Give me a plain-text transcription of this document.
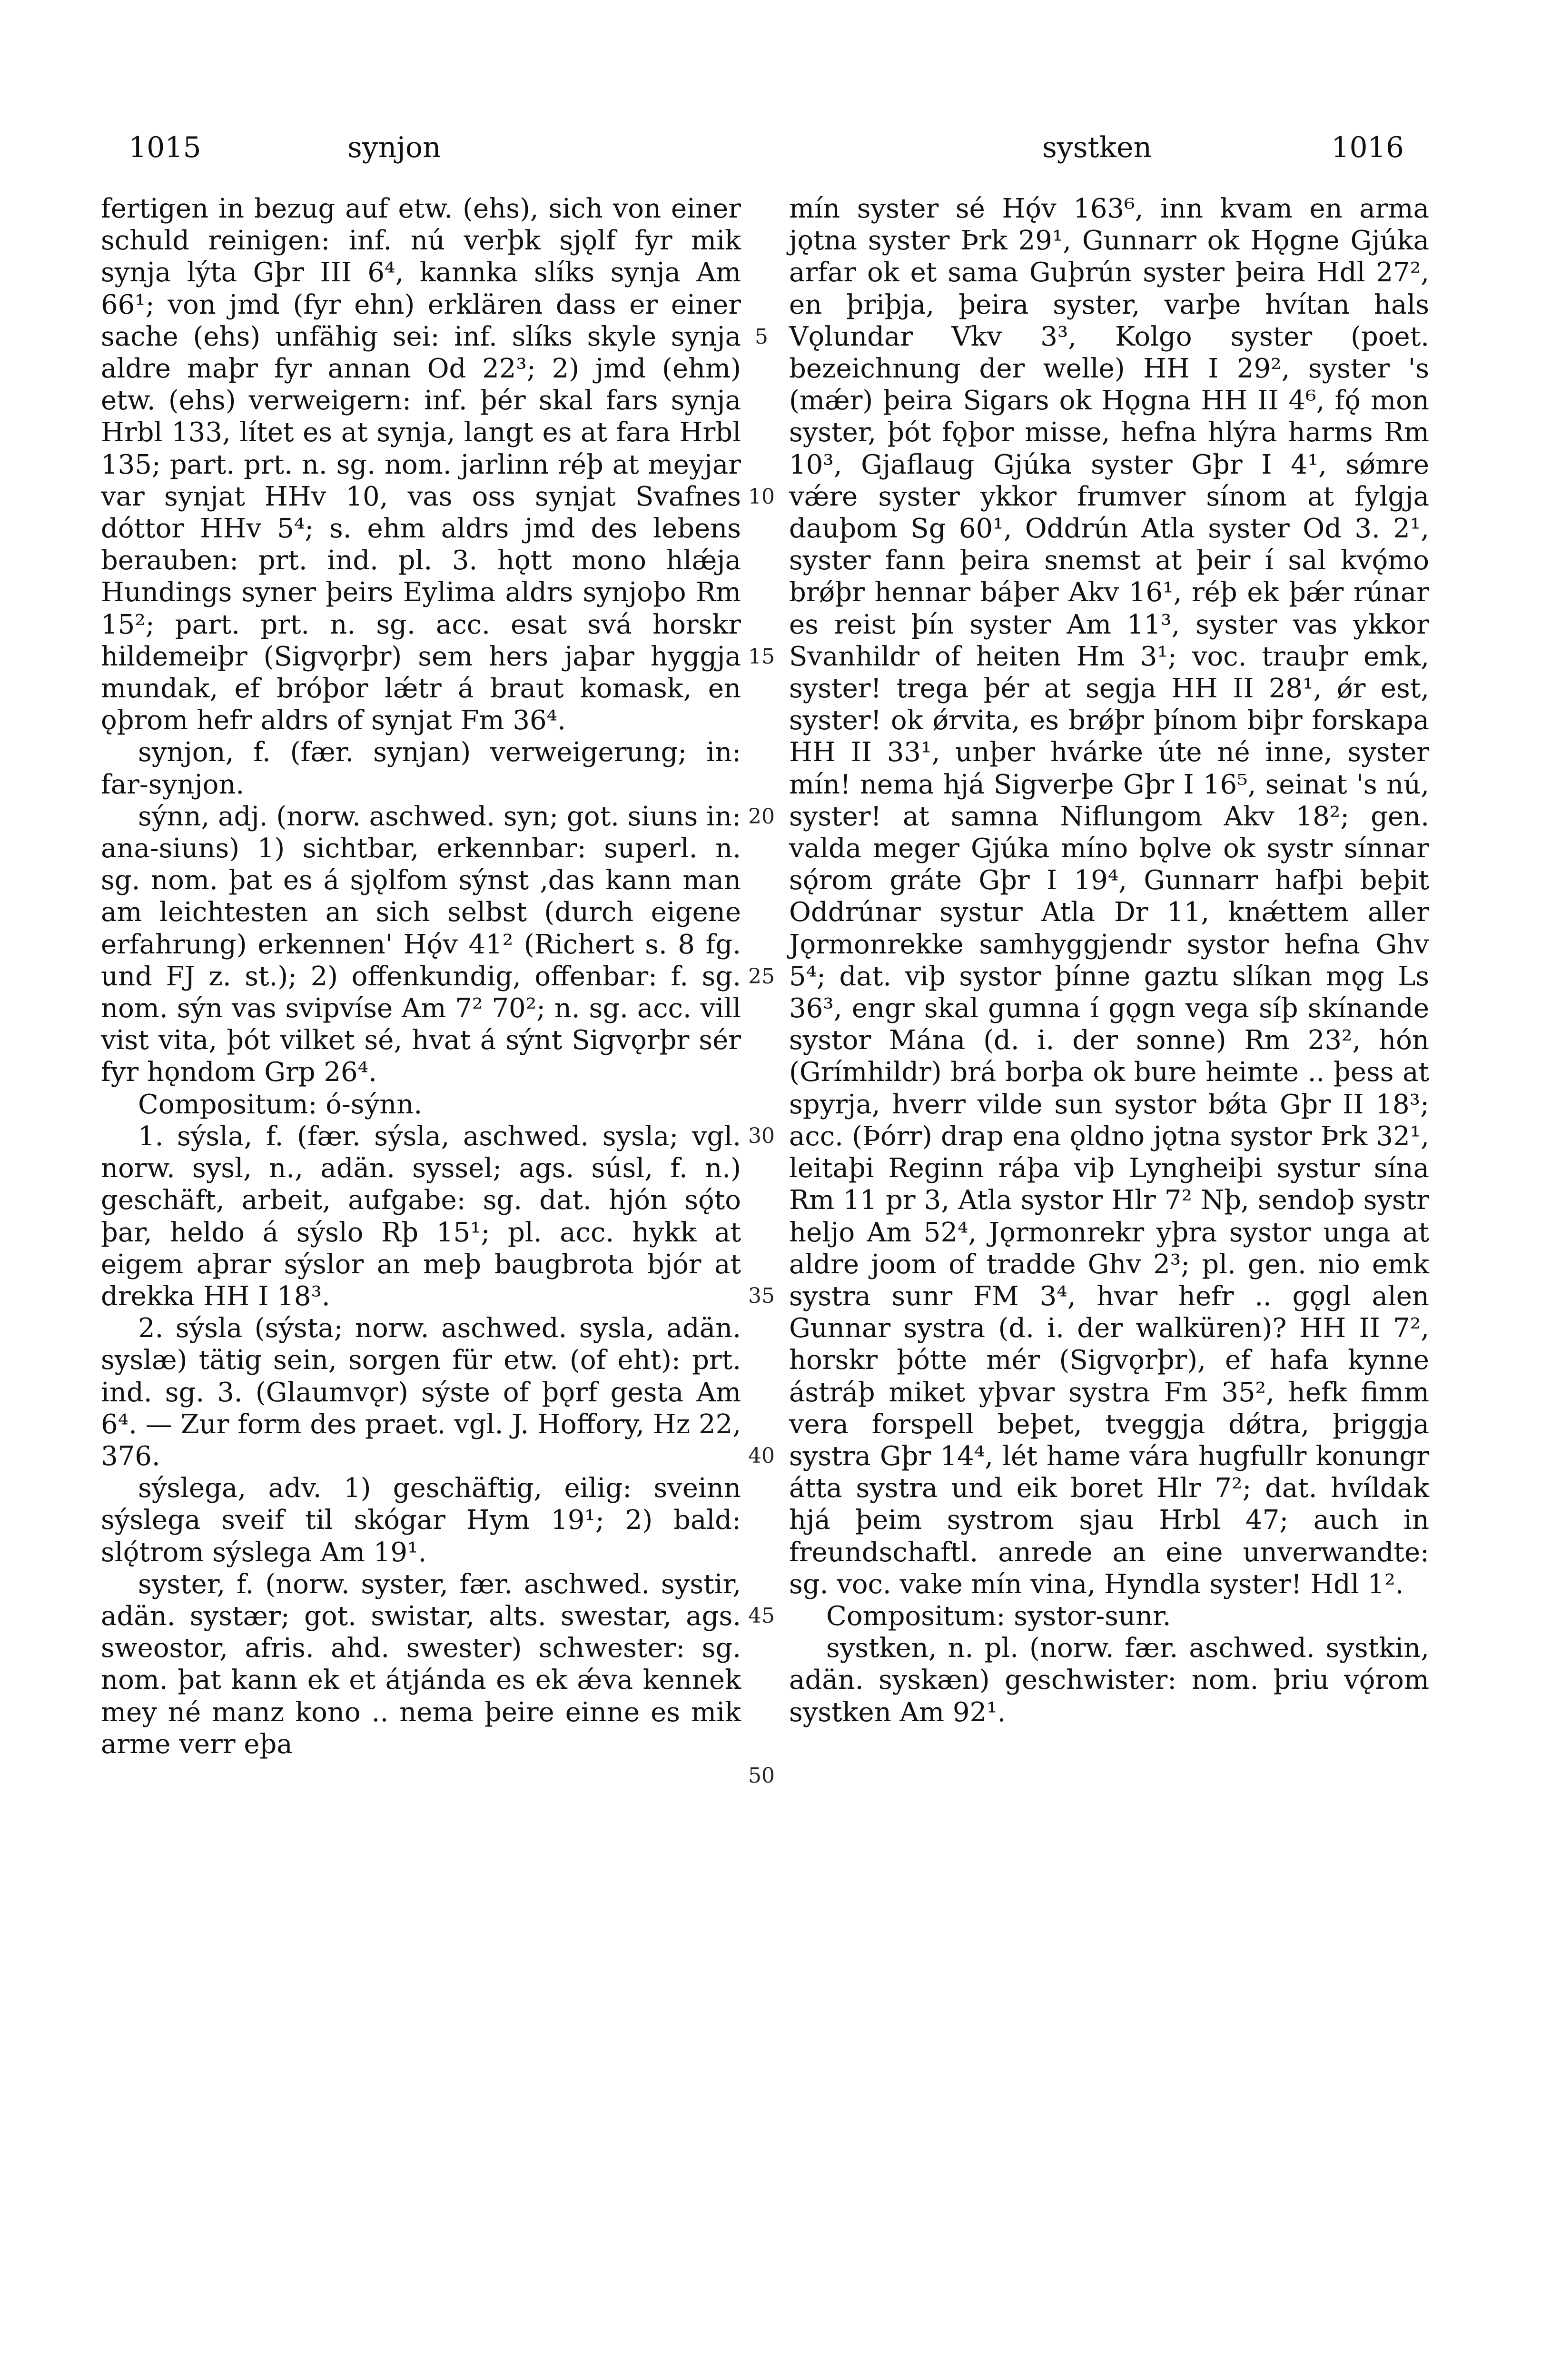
1015	synjon	systken	1016

fertigen in bezug auf etw. (ehs), sich von einer schuld reinigen: inf. nú verþk sjǫlf fyr mik synja lýta Gþr III 6⁴, kannka slíks synja Am 66¹; von jmd (fyr ehn) erklären dass er einer sache (ehs) unfähig sei: inf. slíks skyle synja aldre maþr fyr annan Od 22³; 2) jmd (ehm) etw. (ehs) verweigern: inf. þér skal fars synja Hrbl 133, lítet es at synja, langt es at fara Hrbl 135; part. prt. n. sg. nom. jarlinn réþ at meyjar var synjat HHv 10, vas oss synjat Svafnes dóttor HHv 5⁴; s. ehm aldrs jmd des lebens berauben: prt. ind. pl. 3. hǫtt mono hlǽja Hundings syner þeirs Eylima aldrs synjoþo Rm 15²; part. prt. n. sg. acc. esat svá horskr hildemeiþr (Sigvǫrþr) sem hers jaþar hyggja mundak, ef bróþor lǽtr á braut komask, en ǫþrom hefr aldrs of synjat Fm 36⁴.

synjon, f. (fær. synjan) verweigerung; in: far-synjon.

sýnn, adj. (norw. aschwed. syn; got. siuns in: ana-siuns) 1) sichtbar, erkennbar: superl. n. sg. nom. þat es á sjǫlfom sýnst ‚das kann man am leichtesten an sich selbst (durch eigene erfahrung) erkennen' Hǫ́v 41² (Richert s. 8 fg. und FJ z. st.); 2) offenkundig, offenbar: f. sg. nom. sýn vas svipvíse Am 7² 70²; n. sg. acc. vill vist vita, þót vilket sé, hvat á sýnt Sigvǫrþr sér fyr hǫndom Grp 26⁴.

Compositum: ó-sýnn.

1. sýsla, f. (fær. sýsla, aschwed. sysla; vgl. norw. sysl, n., adän. syssel; ags. súsl, f. n.) geschäft, arbeit, aufgabe: sg. dat. hjón sǫ́to þar, heldo á sýslo Rþ 15¹; pl. acc. hykk at eigem aþrar sýslor an meþ baugbrota bjór at drekka HH I 18³.

2. sýsla (sýsta; norw. aschwed. sysla, adän. syslæ) tätig sein, sorgen für etw. (of eht): prt. ind. sg. 3. (Glaumvǫr) sýste of þǫrf gesta Am 6⁴. — Zur form des praet. vgl. J. Hoffory, Hz 22, 376.

sýslega, adv. 1) geschäftig, eilig: sveinn sýslega sveif til skógar Hym 19¹; 2) bald: slǫ́trom sýslega Am 19¹.

syster, f. (norw. syster, fær. aschwed. systir, adän. systær; got. swistar, alts. swestar, ags. sweostor, afris. ahd. swester) schwester: sg. nom. þat kann ek et átjánda es ek ǽva kennek mey né manz kono .. nema þeire einne es mik arme verr eþa

5
10
15
20
25
30
35
40
45
50

mín syster sé Hǫ́v 163⁶, inn kvam en arma jǫtna syster Þrk 29¹, Gunnarr ok Hǫgne Gjúka arfar ok et sama Guþrún syster þeira Hdl 27², en þriþja, þeira syster, varþe hvítan hals Vǫlundar Vkv 3³, Kolgo syster (poet. bezeichnung der welle) HH I 29², syster 's (mǽr) þeira Sigars ok Hǫgna HH II 4⁶, fǫ́ mon syster, þót fǫþor misse, hefna hlýra harms Rm 10³, Gjaflaug Gjúka syster Gþr I 4¹, sǿmre vǽre syster ykkor frumver sínom at fylgja dauþom Sg 60¹, Oddrún Atla syster Od 3. 2¹, syster fann þeira snemst at þeir í sal kvǫ́mo brǿþr hennar báþer Akv 16¹, réþ ek þǽr rúnar es reist þín syster Am 11³, syster vas ykkor Svanhildr of heiten Hm 3¹; voc. trauþr emk, syster! trega þér at segja HH II 28¹, ǿr est, syster! ok ǿrvita, es brǿþr þínom biþr forskapa HH II 33¹, unþer hvárke úte né inne, syster mín! nema hjá Sigverþe Gþr I 16⁵, seinat 's nú, syster! at samna Niflungom Akv 18²; gen. valda meger Gjúka míno bǫlve ok systr sínnar sǫ́rom gráte Gþr I 19⁴, Gunnarr hafþi beþit Oddrúnar systur Atla Dr 11, knǽttem aller Jǫrmonrekke samhyggjendr systor hefna Ghv 5⁴; dat. viþ systor þínne gaztu slíkan mǫg Ls 36³, engr skal gumna í gǫgn vega síþ skínande systor Mána (d. i. der sonne) Rm 23², hón (Grímhildr) brá borþa ok bure heimte .. þess at spyrja, hverr vilde sun systor bǿta Gþr II 18³; acc. (Þórr) drap ena ǫldno jǫtna systor Þrk 32¹, leitaþi Reginn ráþa viþ Lyngheiþi systur sína Rm 11 pr 3, Atla systor Hlr 7² Nþ, sendoþ systr heljo Am 52⁴, Jǫrmonrekr yþra systor unga at aldre joom of tradde Ghv 2³; pl. gen. nio emk systra sunr FM 3⁴, hvar hefr .. gǫgl alen Gunnar systra (d. i. der walküren)? HH II 7², horskr þótte mér (Sigvǫrþr), ef hafa kynne ástráþ miket yþvar systra Fm 35², hefk fimm vera forspell beþet, tveggja dǿtra, þriggja systra Gþr 14⁴, lét hame vára hugfullr konungr átta systra und eik boret Hlr 7²; dat. hvíldak hjá þeim systrom sjau Hrbl 47; auch in freundschaftl. anrede an eine unverwandte: sg. voc. vake mín vina, Hyndla syster! Hdl 1².

Compositum: systor-sunr.

systken, n. pl. (norw. fær. aschwed. systkin, adän. syskæn) geschwister: nom. þriu vǫ́rom systken Am 92¹.
